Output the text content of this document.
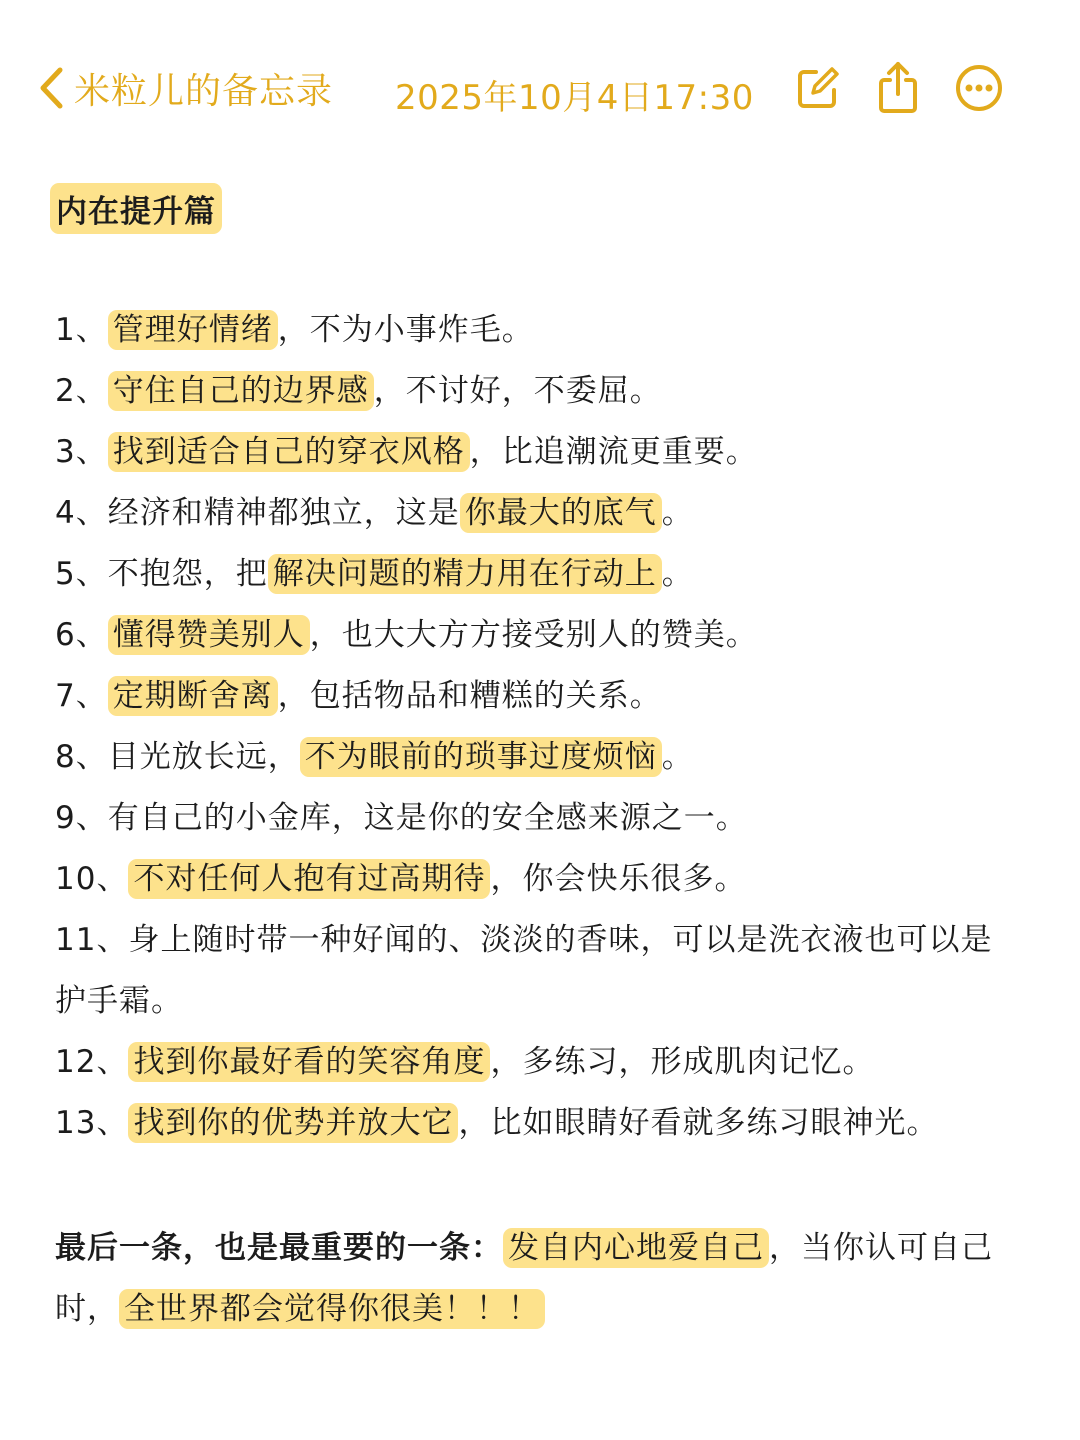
米粒儿的备忘录 2025年10月4日17:30
内在提升篇
1、 管理好情绪 ，不为小事炸毛。
2、 守住自己的边界感 ，不讨好，不委屈。
3、 找到适合自己的穿衣风格 ，比追潮流更重要。
4、经济和精神都独立，这是 你最大的底气 。
5、不抱怨，把 解决问题的精力用在行动上 。
6、 懂得赞美别人 ，也大大方方接受别人的赞美。
7、 定期断舍离 ，包括物品和糟糕的关系。
8、目光放长远， 不为眼前的琐事过度烦恼 。
9、有自己的小金库，这是你的安全感来源之一。
10、 不对任何人抱有过高期待 ，你会快乐很多。
11、身上随时带一种好闻的、淡淡的香味，可以是洗衣液也可以是护手霜。
12、 找到你最好看的笑容角度 ，多练习，形成肌肉记忆。
13、 找到你的优势并放大它 ，比如眼睛好看就多练习眼神光。
最后一条，也是最重要的一条： 发自内心地爱自己 ，当你认可自己时， 全世界都会觉得你很美！！！
